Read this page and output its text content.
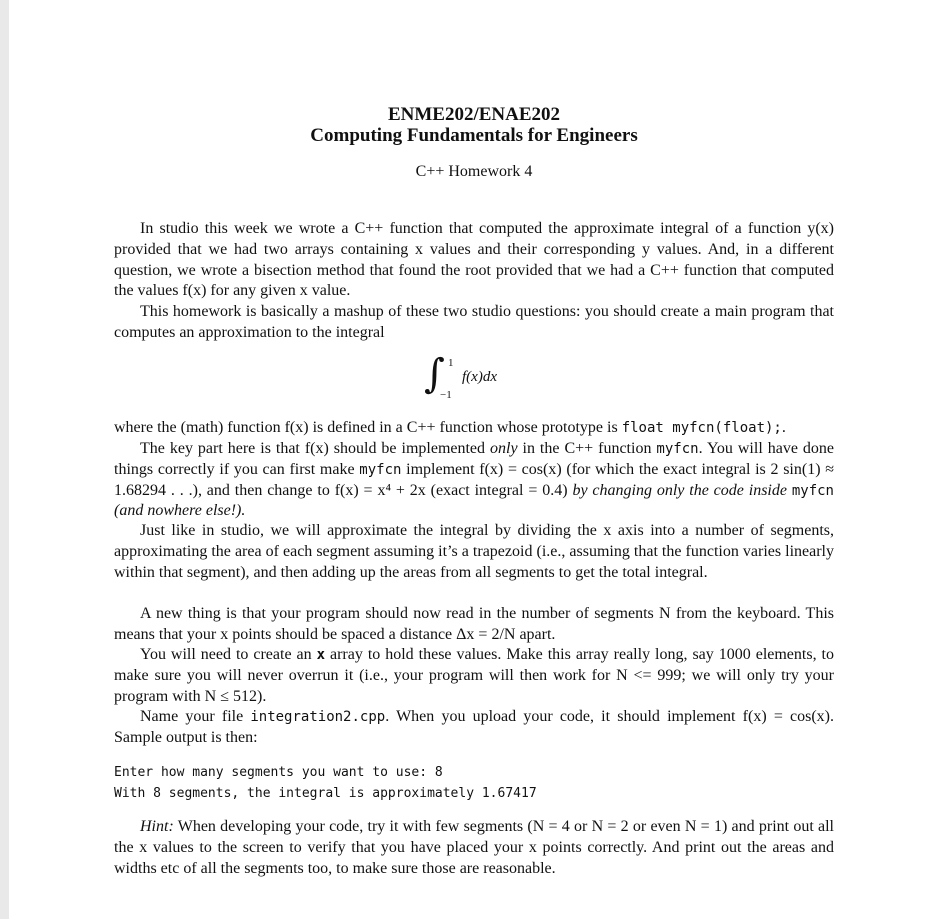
ENME202/ENAE202
Computing Fundamentals for Engineers
C++ Homework 4

In studio this week we wrote a C++ function that computed the approximate integral of a function y(x) provided that we had two arrays containing x values and their corresponding y values. And, in a different question, we wrote a bisection method that found the root provided that we had a C++ function that computed the values f(x) for any given x value.

This homework is basically a mashup of these two studio questions: you should create a main program that computes an approximation to the integral

∫ 1
−1
f(x)dx

where the (math) function f(x) is defined in a C++ function whose prototype is float myfcn(float);.

The key part here is that f(x) should be implemented only in the C++ function myfcn. You will have done things correctly if you can first make myfcn implement f(x) = cos(x) (for which the exact integral is 2 sin(1) ≈ 1.68294 . . .), and then change to f(x) = x⁴ + 2x (exact integral = 0.4) by changing only the code inside myfcn (and nowhere else!).

Just like in studio, we will approximate the integral by dividing the x axis into a number of segments, approximating the area of each segment assuming it’s a trapezoid (i.e., assuming that the function varies linearly within that segment), and then adding up the areas from all segments to get the total integral.

A new thing is that your program should now read in the number of segments N from the keyboard. This means that your x points should be spaced a distance Δx = 2/N apart.

You will need to create an x array to hold these values. Make this array really long, say 1000 elements, to make sure you will never overrun it (i.e., your program will then work for N <= 999; we will only try your program with N ≤ 512).

Name your file integration2.cpp. When you upload your code, it should implement f(x) = cos(x). Sample output is then:

Enter how many segments you want to use: 8
With 8 segments, the integral is approximately 1.67417

Hint: When developing your code, try it with few segments (N = 4 or N = 2 or even N = 1) and print out all the x values to the screen to verify that you have placed your x points correctly. And print out the areas and widths etc of all the segments too, to make sure those are reasonable.
